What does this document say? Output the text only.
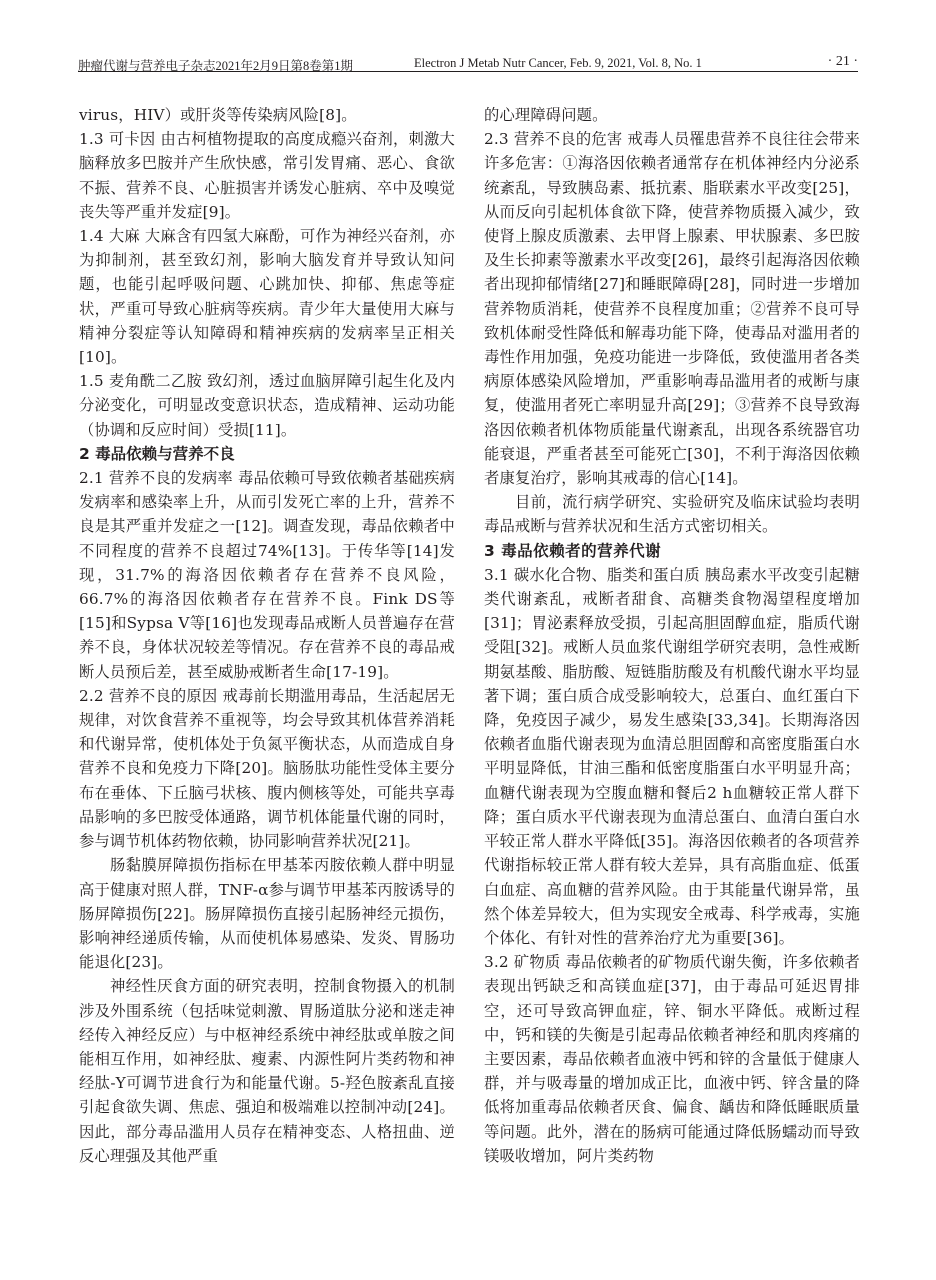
肿瘤代谢与营养电子杂志2021年2月9日第8卷第1期	Electron J Metab Nutr Cancer, Feb. 9, 2021, Vol. 8, No. 1	· 21 ·

virus，HIV）或肝炎等传染病风险[8]。

1.3 可卡因 由古柯植物提取的高度成瘾兴奋剂，刺激大脑释放多巴胺并产生欣快感，常引发胃痛、恶心、食欲不振、营养不良、心脏损害并诱发心脏病、卒中及嗅觉丧失等严重并发症[9]。

1.4 大麻 大麻含有四氢大麻酚，可作为神经兴奋剂，亦为抑制剂，甚至致幻剂，影响大脑发育并导致认知问题，也能引起呼吸问题、心跳加快、抑郁、焦虑等症状，严重可导致心脏病等疾病。青少年大量使用大麻与精神分裂症等认知障碍和精神疾病的发病率呈正相关[10]。

1.5 麦角酰二乙胺 致幻剂，透过血脑屏障引起生化及内分泌变化，可明显改变意识状态，造成精神、运动功能（协调和反应时间）受损[11]。

2 毒品依赖与营养不良

2.1 营养不良的发病率 毒品依赖可导致依赖者基础疾病发病率和感染率上升，从而引发死亡率的上升，营养不良是其严重并发症之一[12]。调查发现，毒品依赖者中不同程度的营养不良超过74%[13]。于传华等[14]发现，31.7%的海洛因依赖者存在营养不良风险，66.7%的海洛因依赖者存在营养不良。Fink DS等[15]和Sypsa V等[16]也发现毒品戒断人员普遍存在营养不良，身体状况较差等情况。存在营养不良的毒品戒断人员预后差，甚至威胁戒断者生命[17-19]。

2.2 营养不良的原因 戒毒前长期滥用毒品，生活起居无规律，对饮食营养不重视等，均会导致其机体营养消耗和代谢异常，使机体处于负氮平衡状态，从而造成自身营养不良和免疫力下降[20]。脑肠肽功能性受体主要分布在垂体、下丘脑弓状核、腹内侧核等处，可能共享毒品影响的多巴胺受体通路，调节机体能量代谢的同时，参与调节机体药物依赖，协同影响营养状况[21]。

肠黏膜屏障损伤指标在甲基苯丙胺依赖人群中明显高于健康对照人群，TNF-α参与调节甲基苯丙胺诱导的肠屏障损伤[22]。肠屏障损伤直接引起肠神经元损伤，影响神经递质传输，从而使机体易感染、发炎、胃肠功能退化[23]。

神经性厌食方面的研究表明，控制食物摄入的机制涉及外围系统（包括味觉刺激、胃肠道肽分泌和迷走神经传入神经反应）与中枢神经系统中神经肽或单胺之间能相互作用，如神经肽、瘦素、内源性阿片类药物和神经肽-Y可调节进食行为和能量代谢。5-羟色胺紊乱直接引起食欲失调、焦虑、强迫和极端难以控制冲动[24]。因此，部分毒品滥用人员存在精神变态、人格扭曲、逆反心理强及其他严重

的心理障碍问题。

2.3 营养不良的危害 戒毒人员罹患营养不良往往会带来许多危害：①海洛因依赖者通常存在机体神经内分泌系统紊乱，导致胰岛素、抵抗素、脂联素水平改变[25]，从而反向引起机体食欲下降，使营养物质摄入减少，致使肾上腺皮质激素、去甲肾上腺素、甲状腺素、多巴胺及生长抑素等激素水平改变[26]，最终引起海洛因依赖者出现抑郁情绪[27]和睡眠障碍[28]，同时进一步增加营养物质消耗，使营养不良程度加重；②营养不良可导致机体耐受性降低和解毒功能下降，使毒品对滥用者的毒性作用加强，免疫功能进一步降低，致使滥用者各类病原体感染风险增加，严重影响毒品滥用者的戒断与康复，使滥用者死亡率明显升高[29]；③营养不良导致海洛因依赖者机体物质能量代谢紊乱，出现各系统器官功能衰退，严重者甚至可能死亡[30]，不利于海洛因依赖者康复治疗，影响其戒毒的信心[14]。

目前，流行病学研究、实验研究及临床试验均表明毒品戒断与营养状况和生活方式密切相关。

3 毒品依赖者的营养代谢

3.1 碳水化合物、脂类和蛋白质 胰岛素水平改变引起糖类代谢紊乱，戒断者甜食、高糖类食物渴望程度增加[31]；胃泌素释放受损，引起高胆固醇血症，脂质代谢受阻[32]。戒断人员血浆代谢组学研究表明，急性戒断期氨基酸、脂肪酸、短链脂肪酸及有机酸代谢水平均显著下调；蛋白质合成受影响较大，总蛋白、血红蛋白下降，免疫因子减少，易发生感染[33,34]。长期海洛因依赖者血脂代谢表现为血清总胆固醇和高密度脂蛋白水平明显降低，甘油三酯和低密度脂蛋白水平明显升高；血糖代谢表现为空腹血糖和餐后2 h血糖较正常人群下降；蛋白质水平代谢表现为血清总蛋白、血清白蛋白水平较正常人群水平降低[35]。海洛因依赖者的各项营养代谢指标较正常人群有较大差异，具有高脂血症、低蛋白血症、高血糖的营养风险。由于其能量代谢异常，虽然个体差异较大，但为实现安全戒毒、科学戒毒，实施个体化、有针对性的营养治疗尤为重要[36]。

3.2 矿物质 毒品依赖者的矿物质代谢失衡，许多依赖者表现出钙缺乏和高镁血症[37]，由于毒品可延迟胃排空，还可导致高钾血症，锌、铜水平降低。戒断过程中，钙和镁的失衡是引起毒品依赖者神经和肌肉疼痛的主要因素，毒品依赖者血液中钙和锌的含量低于健康人群，并与吸毒量的增加成正比，血液中钙、锌含量的降低将加重毒品依赖者厌食、偏食、龋齿和降低睡眠质量等问题。此外，潜在的肠病可能通过降低肠蠕动而导致镁吸收增加，阿片类药物
